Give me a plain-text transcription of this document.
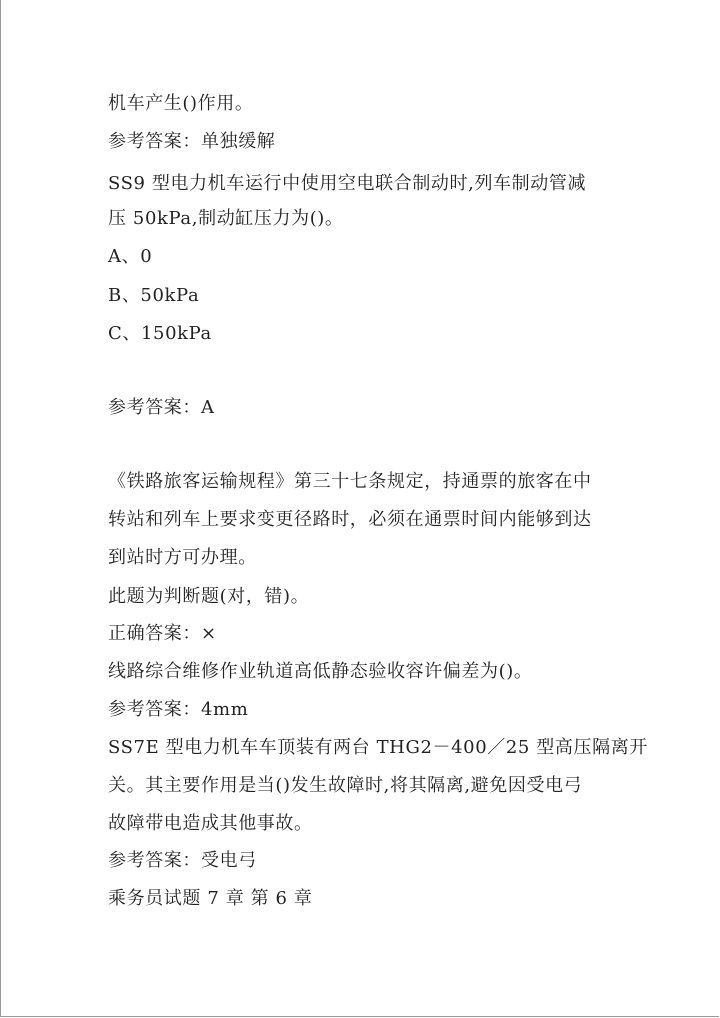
机车产生()作用。
参考答案：单独缓解
SS9 型电力机车运行中使用空电联合制动时,列车制动管减
压 50kPa,制动缸压力为()。
A、0
B、50kPa
C、150kPa
参考答案：A
《铁路旅客运输规程》第三十七条规定，持通票的旅客在中
转站和列车上要求变更径路时，必须在通票时间内能够到达
到站时方可办理。
此题为判断题(对，错)。
正确答案：×
线路综合维修作业轨道高低静态验收容许偏差为()。
参考答案：4mm
SS7E 型电力机车车顶装有两台 THG2－400／25 型高压隔离开
关。其主要作用是当()发生故障时,将其隔离,避免因受电弓
故障带电造成其他事故。
参考答案：受电弓
乘务员试题 7 章 第 6 章
